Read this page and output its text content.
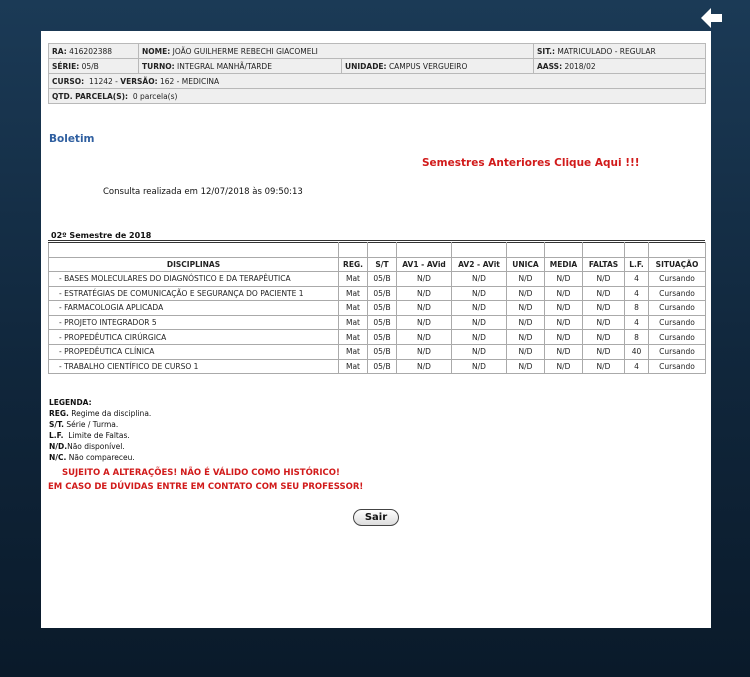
RA: 416202388	NOME: JOÃO GUILHERME REBECHI GIACOMELI		SIT.: MATRICULADO - REGULAR
SÉRIE: 05/B	TURNO: INTEGRAL MANHÃ/TARDE	UNIDADE: CAMPUS VERGUEIRO	AASS: 2018/02
CURSO: 11242 - VERSÃO: 162 - MEDICINA			
QTD. PARCELA(S): 0 parcela(s)			
Boletim
Semestres Anteriores Clique Aqui !!!
Consulta realizada em 12/07/2018 às 09:50:13
02º Semestre de 2018

DISCIPLINAS	REG.	S/T	AV1 - AVid	AV2 - AVit	UNICA	MEDIA	FALTAS	L.F.	SITUAÇÃO
- BASES MOLECULARES DO DIAGNÓSTICO E DA TERAPÊUTICA	Mat	05/B	N/D	N/D	N/D	N/D	N/D	4	Cursando
- ESTRATÉGIAS DE COMUNICAÇÃO E SEGURANÇA DO PACIENTE 1	Mat	05/B	N/D	N/D	N/D	N/D	N/D	4	Cursando
- FARMACOLOGIA APLICADA	Mat	05/B	N/D	N/D	N/D	N/D	N/D	8	Cursando
- PROJETO INTEGRADOR 5	Mat	05/B	N/D	N/D	N/D	N/D	N/D	4	Cursando
- PROPEDÊUTICA CIRÚRGICA	Mat	05/B	N/D	N/D	N/D	N/D	N/D	8	Cursando
- PROPEDÊUTICA CLÍNICA	Mat	05/B	N/D	N/D	N/D	N/D	N/D	40	Cursando
- TRABALHO CIENTÍFICO DE CURSO 1	Mat	05/B	N/D	N/D	N/D	N/D	N/D	4	Cursando
LEGENDA:
REG. Regime da disciplina.
S/T. Série / Turma.
L.F. Limite de Faltas.
N/D.Não disponível.
N/C. Não compareceu.
SUJEITO A ALTERAÇÕES! NÃO É VÁLIDO COMO HISTÓRICO!
EM CASO DE DÚVIDAS ENTRE EM CONTATO COM SEU PROFESSOR!
Sair
